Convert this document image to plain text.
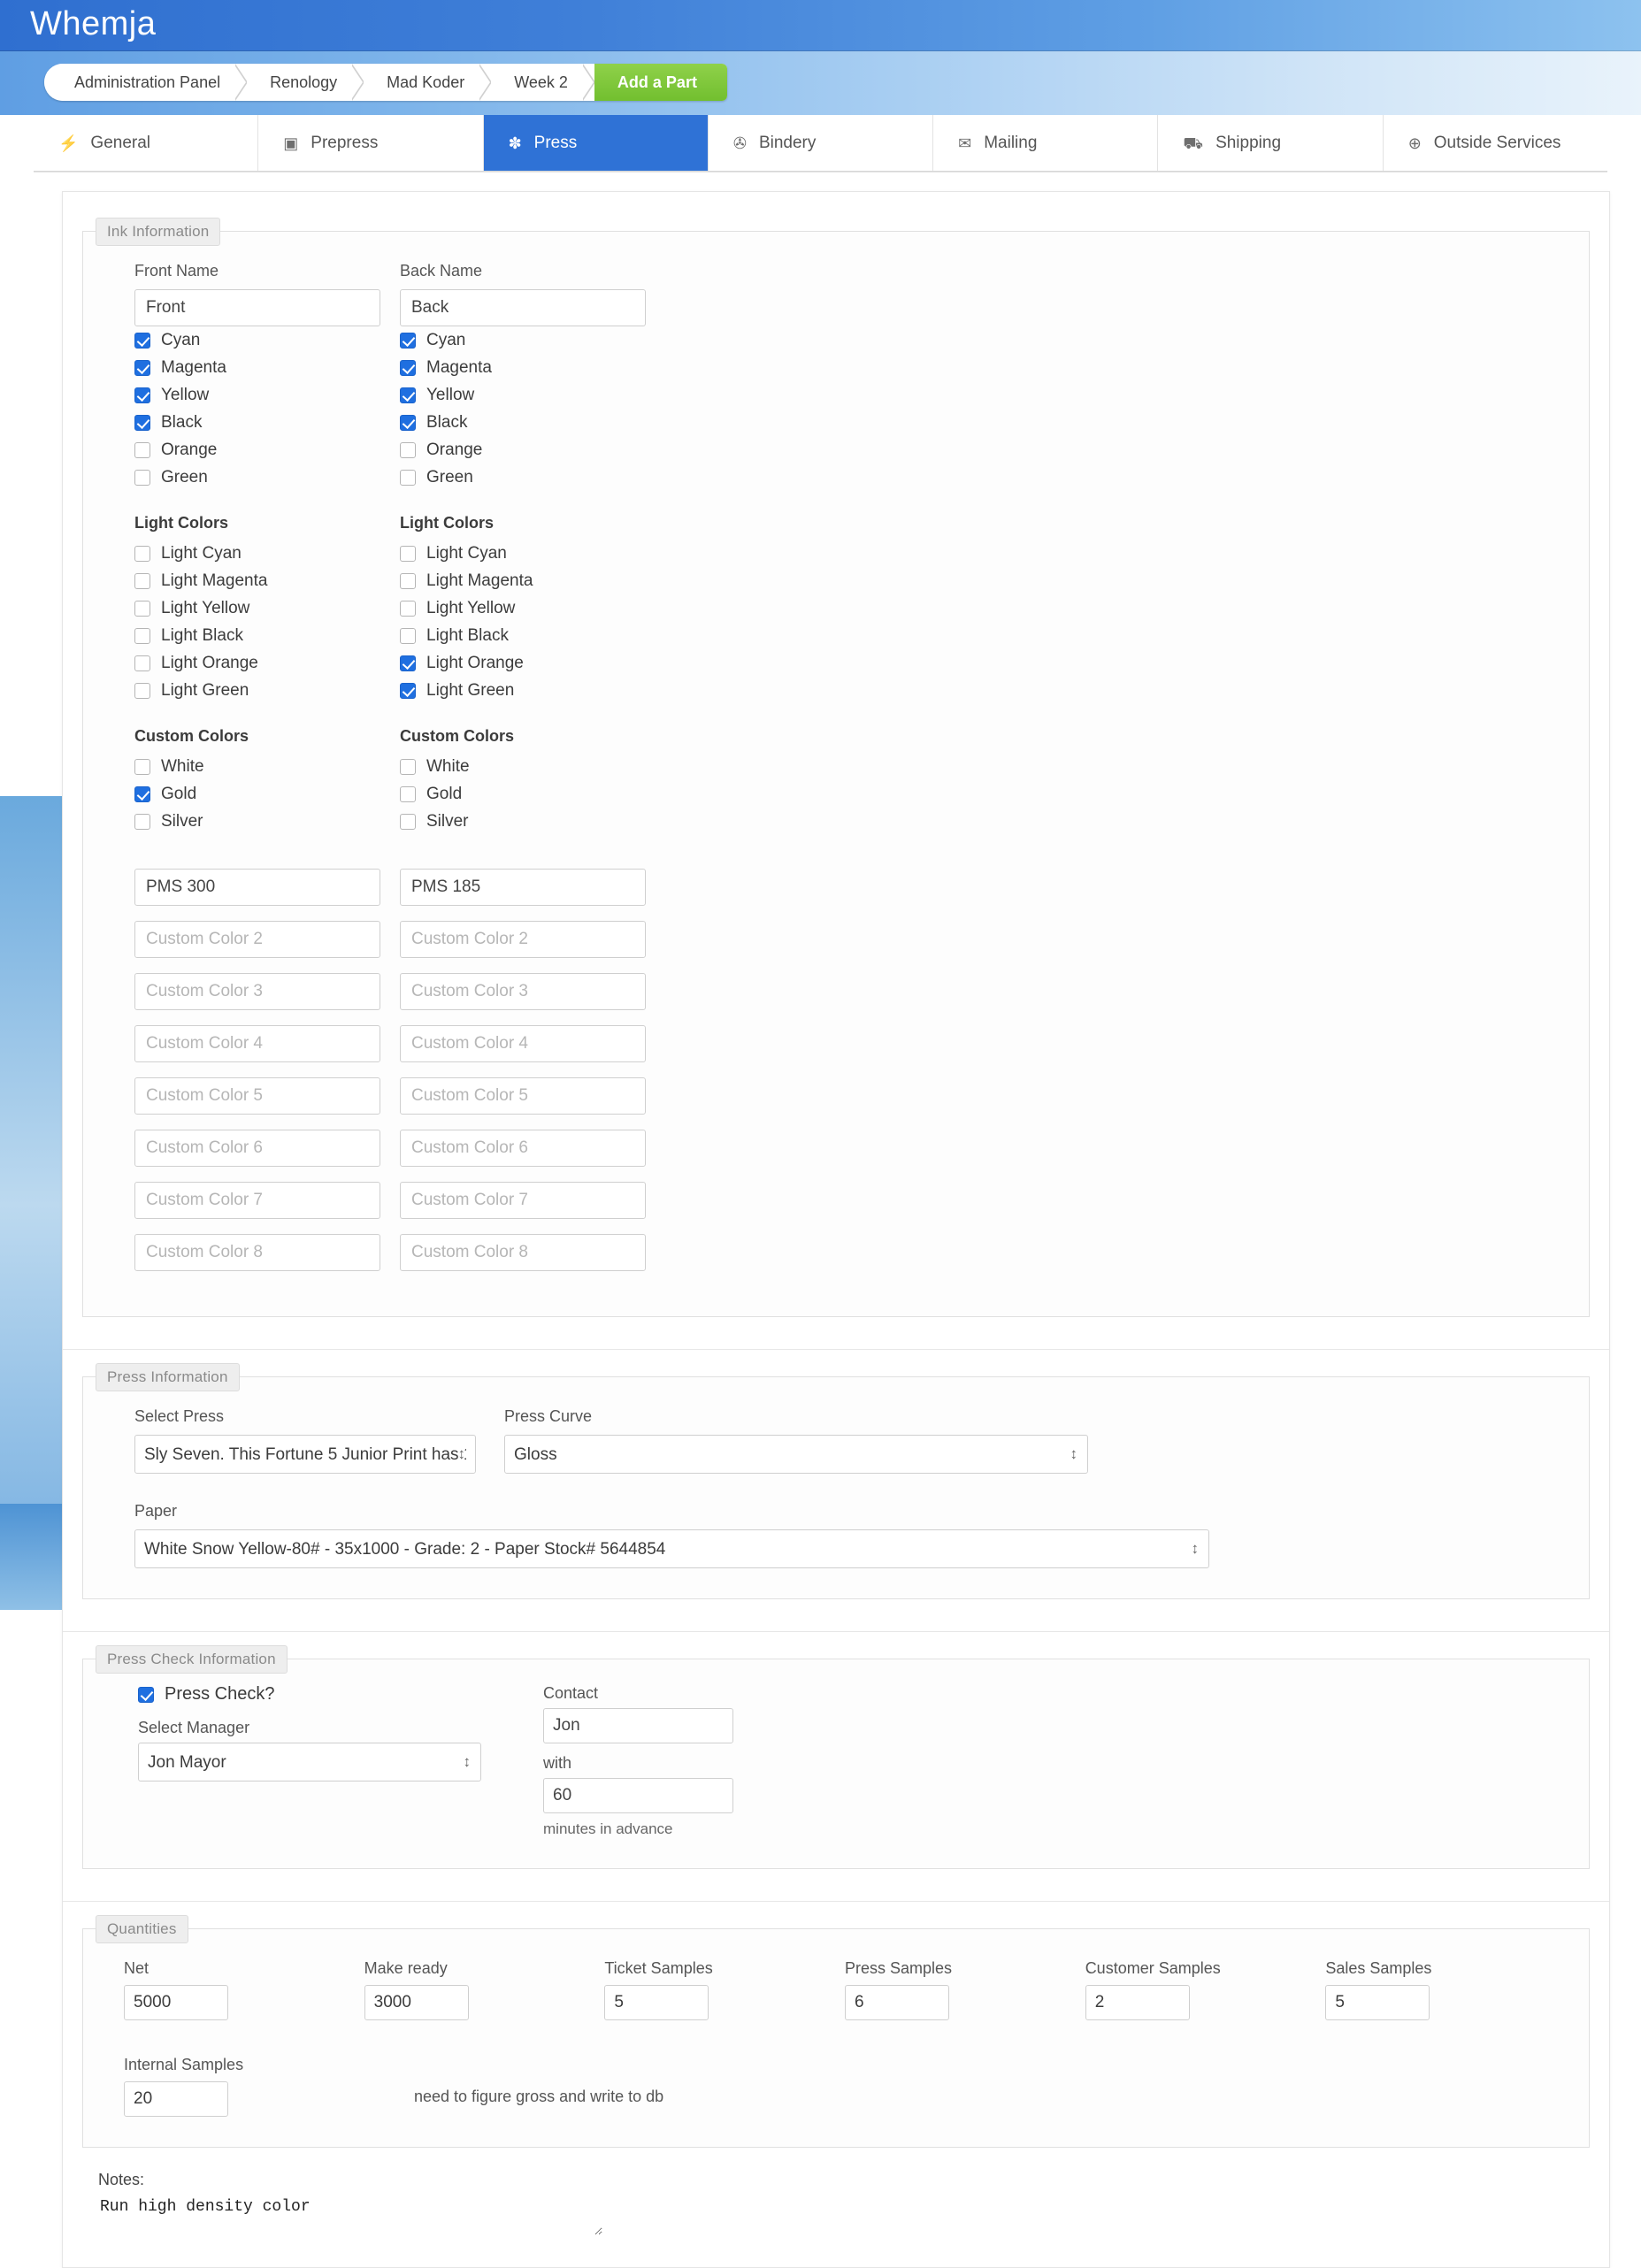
Whemja
Administration Panel	Renology	Mad Koder	Week 2	Add a Part
⚡ General	▣ Prepress	✽ Press	✇ Bindery	✉ Mailing	⛟ Shipping	⊕ Outside Services
Ink Information
Front Name
Front
Cyan
Magenta
Yellow
Black
Orange
Green
Light Colors
Light Cyan
Light Magenta
Light Yellow
Light Black
Light Orange
Light Green
Custom Colors
White
Gold
Silver
PMS 300
Custom Color 2
Custom Color 3
Custom Color 4
Custom Color 5
Custom Color 6
Custom Color 7
Custom Color 8
Back Name
Back
Cyan
Magenta
Yellow
Black
Orange
Green
Light Colors
Light Cyan
Light Magenta
Light Yellow
Light Black
Light Orange
Light Green
Custom Colors
White
Gold
Silver
PMS 185
Custom Color 2
Custom Color 3
Custom Color 4
Custom Color 5
Custom Color 6
Custom Color 7
Custom Color 8
Press Information
Select Press
Sly Seven. This Fortune 5 Junior Print has 10 unit ↕	Press Curve
Gloss ↕
Paper
White Snow Yellow-80# - 35x1000 - Grade: 2 - Paper Stock# 5644854 ↕
Press Check Information
Press Check?
Select Manager
Jon Mayor ↕
Contact
Jon
with
60
minutes in advance
Quantities
Net
5000	Make ready
3000	Ticket Samples
5	Press Samples
6	Customer Samples
2	Sales Samples
5
Internal Samples
20
need to figure gross and write to db
Notes:
Run high density color
